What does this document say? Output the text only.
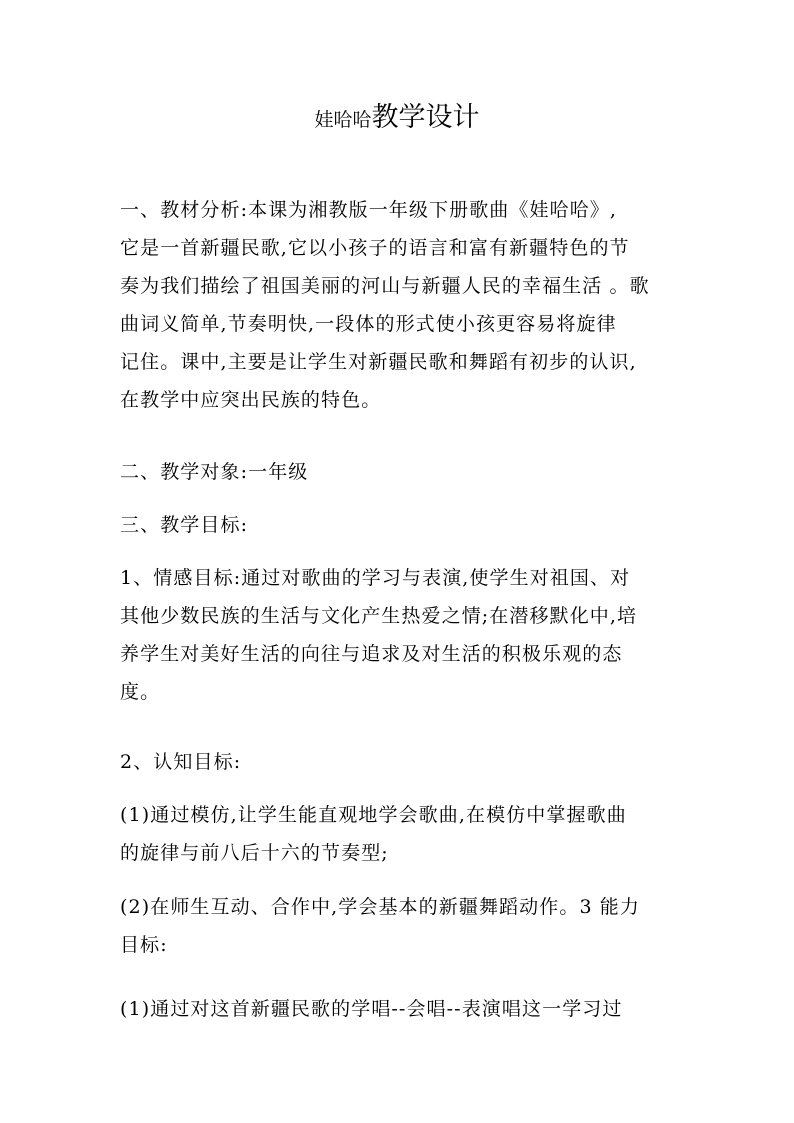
娃哈哈教学设计
一、教材分析:本课为湘教版一年级下册歌曲《娃哈哈》,
它是一首新疆民歌,它以小孩子的语言和富有新疆特色的节
奏为我们描绘了祖国美丽的河山与新疆人民的幸福生活 。歌
曲词义简单,节奏明快,一段体的形式使小孩更容易将旋律
记住。课中,主要是让学生对新疆民歌和舞蹈有初步的认识,
在教学中应突出民族的特色。
二、教学对象:一年级
三、教学目标:
1、情感目标:通过对歌曲的学习与表演,使学生对祖国、对
其他少数民族的生活与文化产生热爱之情;在潜移默化中,培
养学生对美好生活的向往与追求及对生活的积极乐观的态
度。
2、认知目标:
(1)通过模仿,让学生能直观地学会歌曲,在模仿中掌握歌曲
的旋律与前八后十六的节奏型;
(2)在师生互动、合作中,学会基本的新疆舞蹈动作。3 能力
目标:
(1)通过对这首新疆民歌的学唱--会唱--表演唱这一学习过
